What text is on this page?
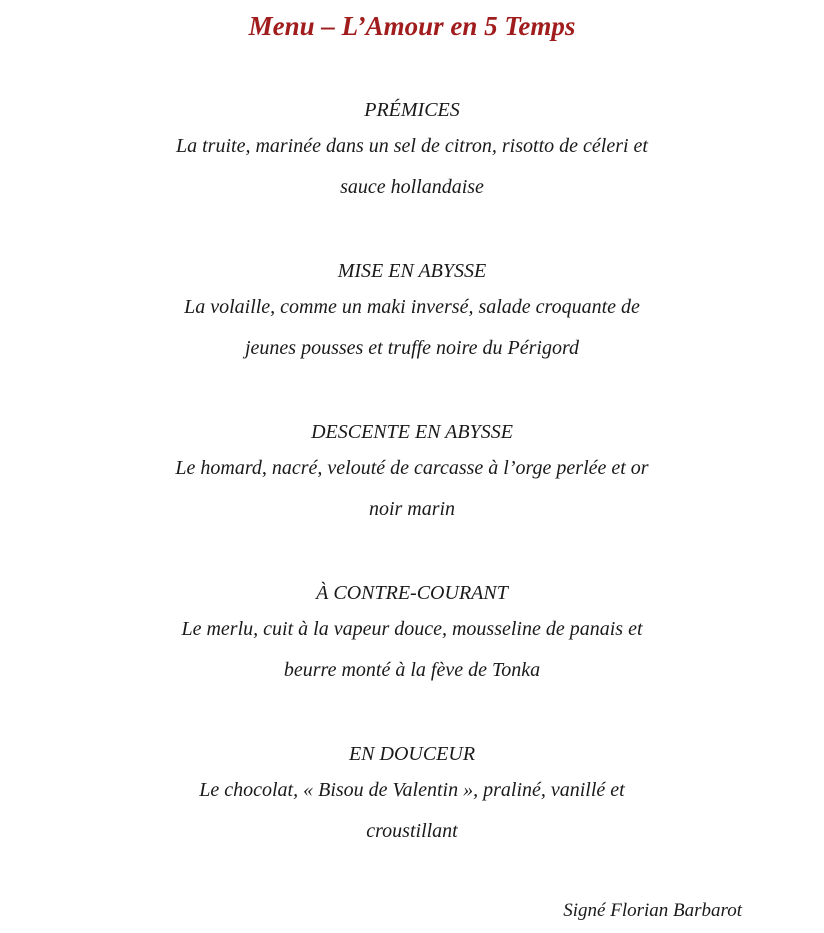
Menu – L’Amour en 5 Temps

PRÉMICES

La truite, marinée dans un sel de citron, risotto de céleri et

sauce hollandaise

MISE EN ABYSSE

La volaille, comme un maki inversé, salade croquante de

jeunes pousses et truffe noire du Périgord

DESCENTE EN ABYSSE

Le homard, nacré, velouté de carcasse à l’orge perlée et or

noir marin

À CONTRE-COURANT

Le merlu, cuit à la vapeur douce, mousseline de panais et

beurre monté à la fève de Tonka

EN DOUCEUR

Le chocolat, « Bisou de Valentin », praliné, vanillé et

croustillant

Signé Florian Barbarot
